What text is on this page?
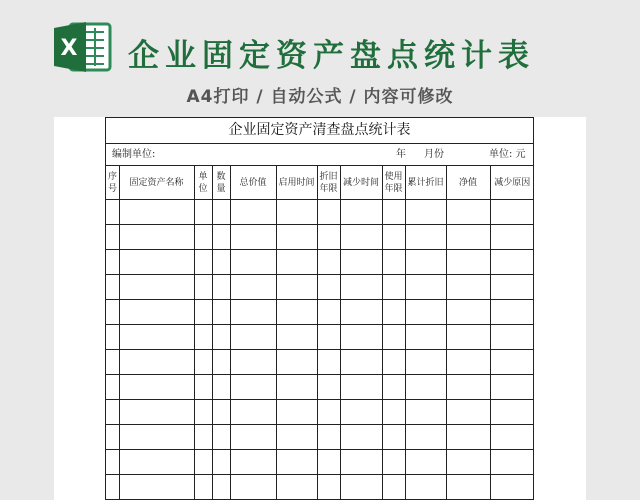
X 企业固定资产盘点统计表
A4打印 / 自动公式 / 内容可修改
企业固定资产清查盘点统计表
编制单位:	年 月份	单位: 元
序号	固定资产名称	单位	数量	总价值	启用时间	折旧年限	减少时间	使用年限	累计折旧	净值	减少原因
